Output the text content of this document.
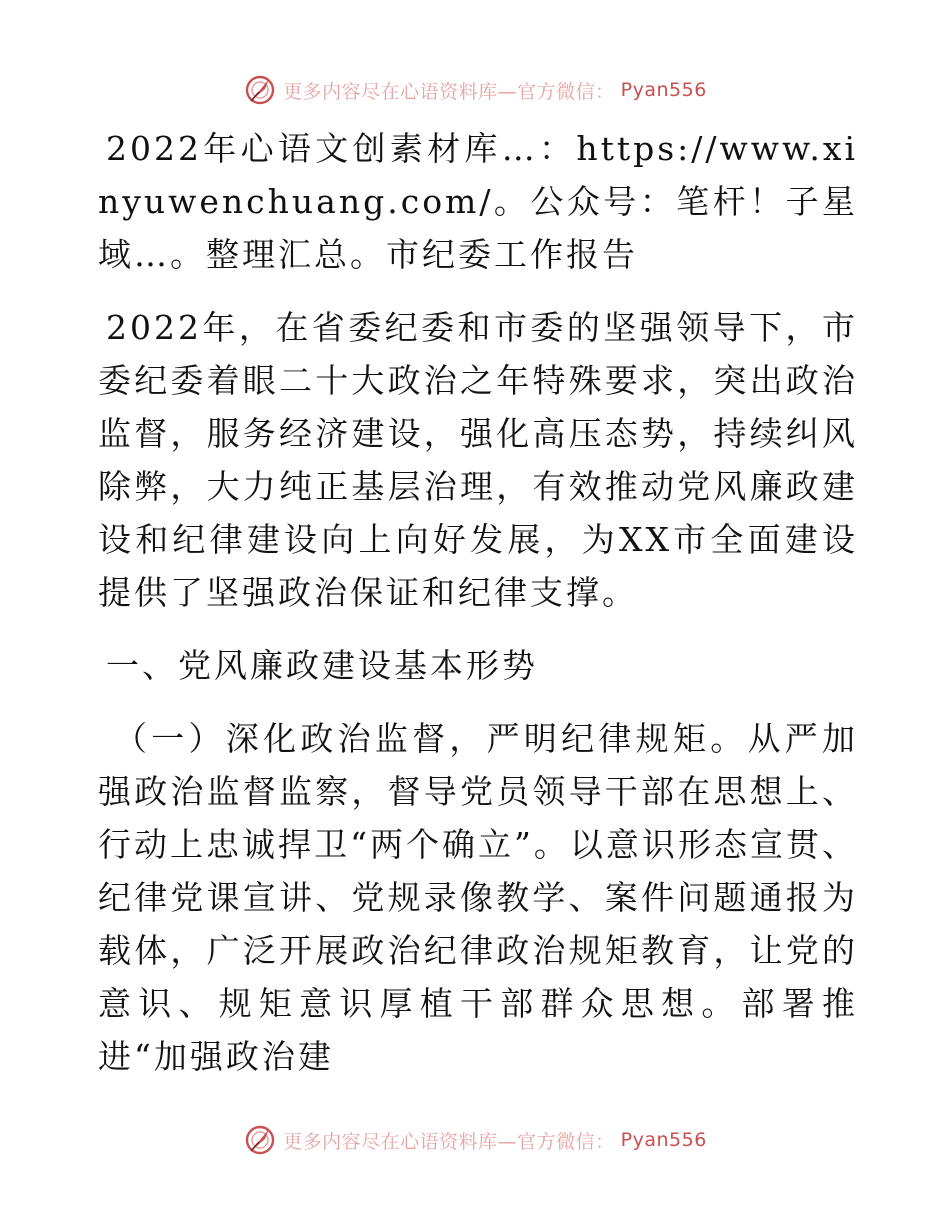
更多内容尽在心语资料库—官方微信： Pyan556

2022年心语文创素材库…：https://www.xinyuwenchuang.com/。公众号：笔杆！子星域…。整理汇总。市纪委工作报告

2022年，在省委纪委和市委的坚强领导下，市委纪委着眼二十大政治之年特殊要求，突出政治监督，服务经济建设，强化高压态势，持续纠风除弊，大力纯正基层治理，有效推动党风廉政建设和纪律建设向上向好发展，为XX市全面建设提供了坚强政治保证和纪律支撑。

一、党风廉政建设基本形势

（一）深化政治监督，严明纪律规矩。从严加强政治监督监察，督导党员领导干部在思想上、行动上忠诚捍卫“两个确立”。以意识形态宣贯、纪律党课宣讲、党规录像教学、案件问题通报为载体，广泛开展政治纪律政治规矩教育，让党的意识、规矩意识厚植干部群众思想。部署推进“加强政治建

更多内容尽在心语资料库—官方微信： Pyan556
